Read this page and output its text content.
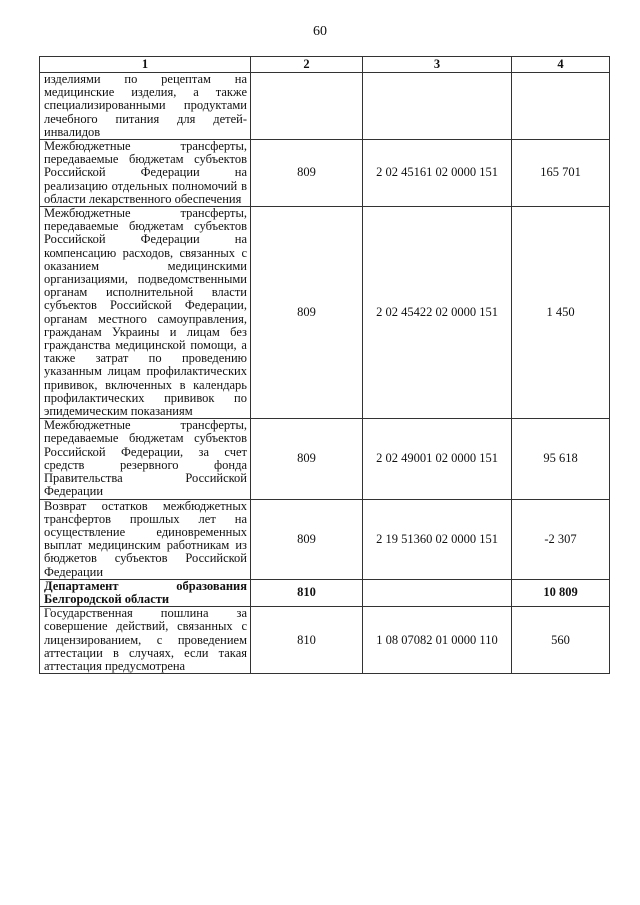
60
1	2	3	4
изделиями по рецептам на медицинские изделия, а также специализированными продуктами лечебного питания для детей-инвалидов			
Межбюджетные трансферты, передаваемые бюджетам субъектов Российской Федерации на реализацию отдельных полномочий в области лекарственного обеспечения	809	2 02 45161 02 0000 151	165 701
Межбюджетные трансферты, передаваемые бюджетам субъектов Российской Федерации на компенсацию расходов, связанных с оказанием медицинскими организациями, подведомственными органам исполнительной власти субъектов Российской Федерации, органам местного самоуправления, гражданам Украины и лицам без гражданства медицинской помощи, а также затрат по проведению указанным лицам профилактических прививок, включенных в календарь профилактических прививок по эпидемическим показаниям	809	2 02 45422 02 0000 151	1 450
Межбюджетные трансферты, передаваемые бюджетам субъектов Российской Федерации, за счет средств резервного фонда Правительства Российской Федерации	809	2 02 49001 02 0000 151	95 618
Возврат остатков межбюджетных трансфертов прошлых лет на осуществление единовременных выплат медицинским работникам из бюджетов субъектов Российской Федерации	809	2 19 51360 02 0000 151	-2 307
Департамент образования Белгородской области	810		10 809
Государственная пошлина за совершение действий, связанных с лицензированием, с проведением аттестации в случаях, если такая аттестация предусмотрена	810	1 08 07082 01 0000 110	560
